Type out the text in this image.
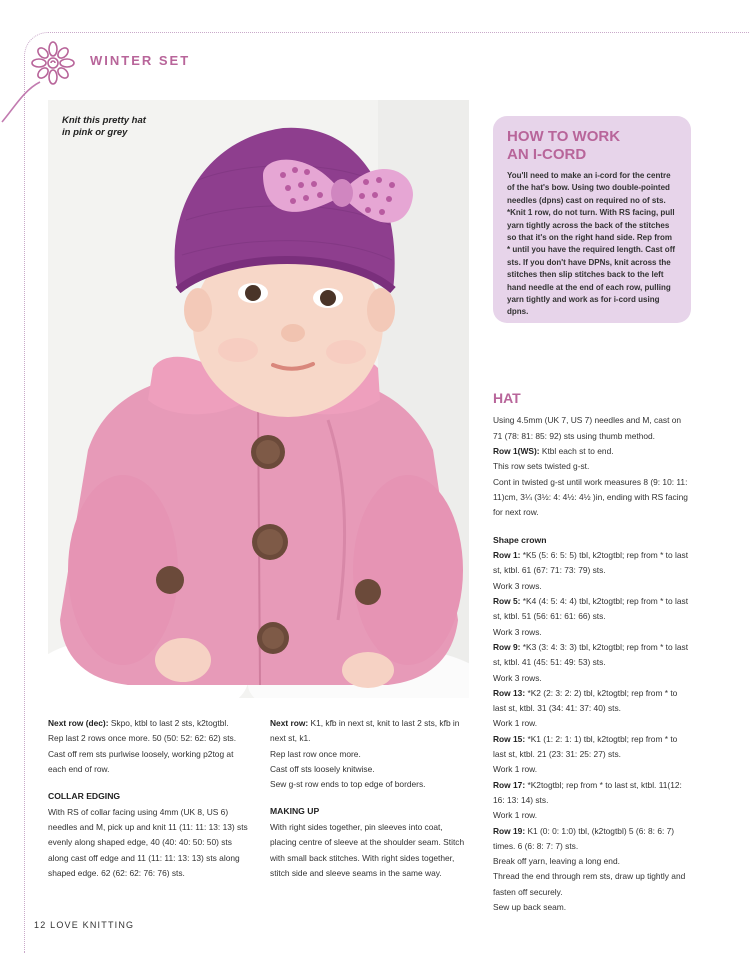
WINTER SET
Knit this pretty hat in pink or grey	HOW TO WORK AN I-CORD
You'll need to make an i-cord for the centre of the hat's bow. Using two double-pointed needles (dpns) cast on required no of sts. *Knit 1 row, do not turn. With RS facing, pull yarn tightly across the back of the stitches so that it's on the right hand side. Rep from * until you have the required length. Cast off sts. If you don't have DPNs, knit across the stitches then slip stitches back to the left hand needle at the end of each row, pulling yarn tightly and work as for i-cord using dpns.
HAT

Using 4.5mm (UK 7, US 7) needles and M, cast on 71 (78: 81: 85: 92) sts using thumb method.

Row 1(WS): Ktbl each st to end.

This row sets twisted g-st.

Cont in twisted g-st until work measures 8 (9: 10: 11: 11)cm, 3¼ (3½: 4: 4½: 4½ )in, ending with RS facing for next row.

Shape crown

Row 1: *K5 (5: 6: 5: 5) tbl, k2togtbl; rep from * to last st, ktbl. 61 (67: 71: 73: 79) sts.

Work 3 rows.

Row 5: *K4 (4: 5: 4: 4) tbl, k2togtbl; rep from * to last st, ktbl. 51 (56: 61: 61: 66) sts.

Work 3 rows.

Row 9: *K3 (3: 4: 3: 3) tbl, k2togtbl; rep from * to last st, ktbl. 41 (45: 51: 49: 53) sts.

Work 3 rows.

Row 13: *K2 (2: 3: 2: 2) tbl, k2togtbl; rep from * to last st, ktbl. 31 (34: 41: 37: 40) sts.

Work 1 row.

Row 15: *K1 (1: 2: 1: 1) tbl, k2togtbl; rep from * to last st, ktbl. 21 (23: 31: 25: 27) sts.

Work 1 row.

Row 17: *K2togtbl; rep from * to last st, ktbl. 11(12: 16: 13: 14) sts.

Work 1 row.

Row 19: K1 (0: 0: 1:0) tbl, (k2togtbl) 5 (6: 8: 6: 7) times. 6 (6: 8: 7: 7) sts.

Break off yarn, leaving a long end.

Thread the end through rem sts, draw up tightly and fasten off securely.

Sew up back seam.

Next row (dec): Skpo, ktbl to last 2 sts, k2togtbl.

Rep last 2 rows once more. 50 (50: 52: 62: 62) sts.

Cast off rem sts purlwise loosely, working p2tog at each end of row.

COLLAR EDGING

With RS of collar facing using 4mm (UK 8, US 6) needles and M, pick up and knit 11 (11: 11: 13: 13) sts evenly along shaped edge, 40 (40: 40: 50: 50) sts along cast off edge and 11 (11: 11: 13: 13) sts along shaped edge. 62 (62: 62: 76: 76) sts.

Next row: K1, kfb in next st, knit to last 2 sts, kfb in next st, k1.

Rep last row once more.

Cast off sts loosely knitwise.

Sew g-st row ends to top edge of borders.

MAKING UP

With right sides together, pin sleeves into coat, placing centre of sleeve at the shoulder seam. Stitch with small back stitches. With right sides together, stitch side and sleeve seams in the same way.

12 LOVE KNITTING
